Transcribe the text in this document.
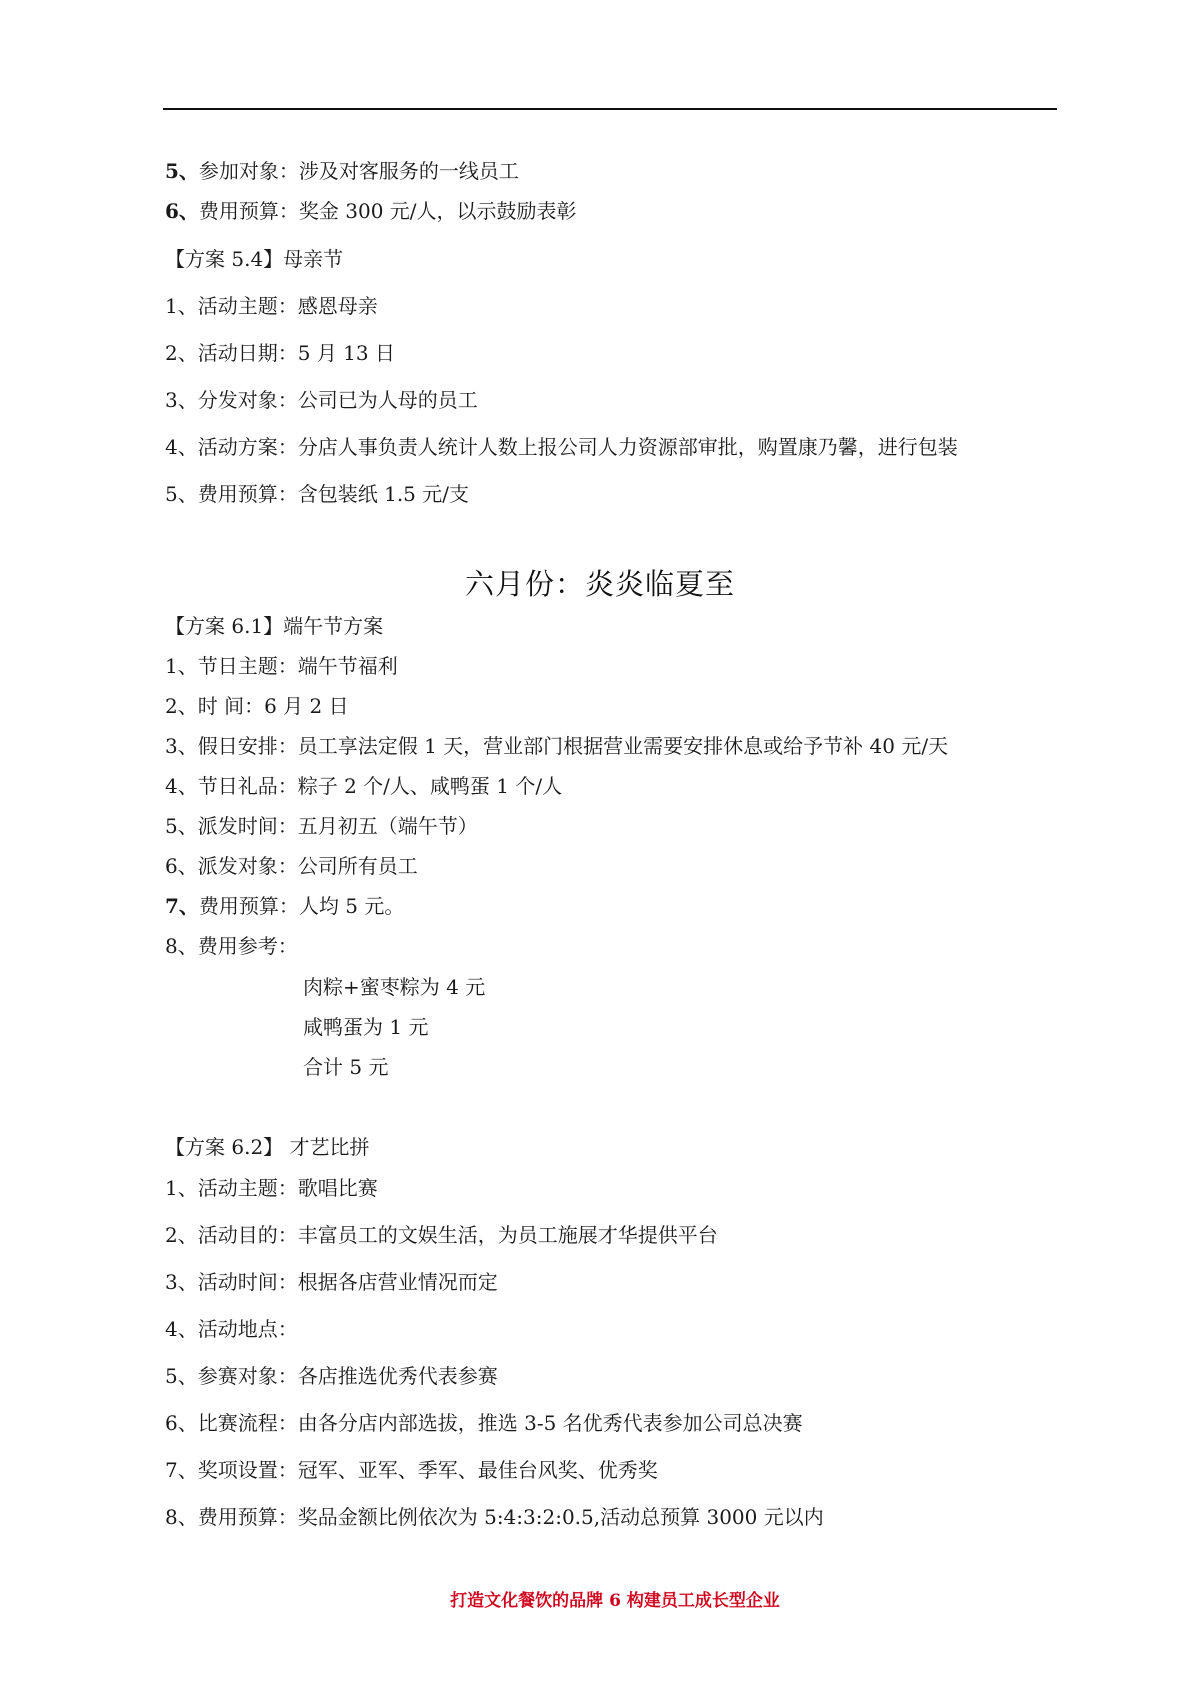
5、参加对象：涉及对客服务的一线员工
6、费用预算：奖金 300 元/人，以示鼓励表彰
【方案 5.4】母亲节
1、活动主题：感恩母亲
2、活动日期：5 月 13 日
3、分发对象：公司已为人母的员工
4、活动方案：分店人事负责人统计人数上报公司人力资源部审批，购置康乃馨，进行包装
5、费用预算：含包装纸 1.5 元/支
六月份：炎炎临夏至
【方案 6.1】端午节方案
1、节日主题：端午节福利
2、时 间：6 月 2 日
3、假日安排：员工享法定假 1 天，营业部门根据营业需要安排休息或给予节补 40 元/天
4、节日礼品：粽子 2 个/人、咸鸭蛋 1 个/人
5、派发时间：五月初五（端午节）
6、派发对象：公司所有员工
7、费用预算：人均 5 元。
8、费用参考：
肉粽+蜜枣粽为 4 元
咸鸭蛋为 1 元
合计 5 元
【方案 6.2】 才艺比拼
1、活动主题：歌唱比赛
2、活动目的：丰富员工的文娱生活，为员工施展才华提供平台
3、活动时间：根据各店营业情况而定
4、活动地点：
5、参赛对象：各店推选优秀代表参赛
6、比赛流程：由各分店内部选拔，推选 3-5 名优秀代表参加公司总决赛
7、奖项设置：冠军、亚军、季军、最佳台风奖、优秀奖
8、费用预算：奖品金额比例依次为 5:4:3:2:0.5,活动总预算 3000 元以内
打造文化餐饮的品牌 6 构建员工成长型企业
